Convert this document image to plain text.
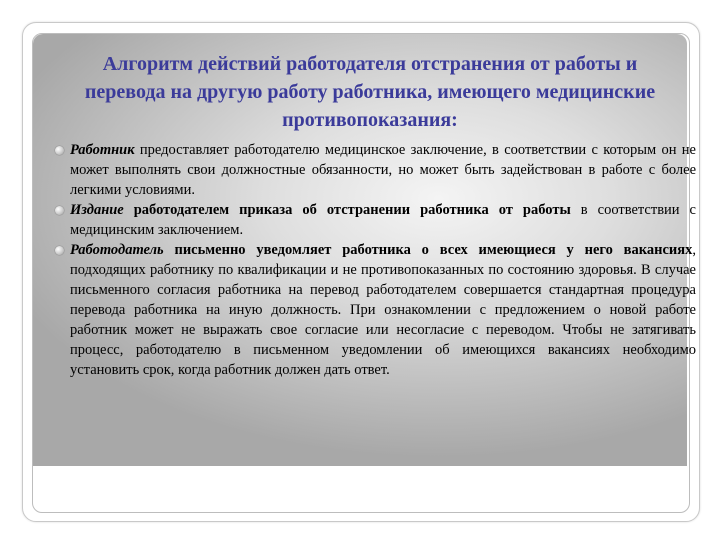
Алгоритм действий работодателя отстранения от работы и перевода на другую работу работника, имеющего медицинские противопоказания:
Работник предоставляет работодателю медицинское заключение, в соответствии с которым он не может выполнять свои должностные обязанности, но может быть задействован в работе с более легкими условиями.
Издание работодателем приказа об отстранении работника от работы в соответствии с медицинским заключением.
Работодатель письменно уведомляет работника о всех имеющиеся у него вакансиях, подходящих работнику по квалификации и не противопоказанных по состоянию здоровья. В случае письменного согласия работника на перевод работодателем совершается стандартная процедура перевода работника на иную должность. При ознакомлении с предложением о новой работе работник может не выражать свое согласие или несогласие с переводом. Чтобы не затягивать процесс, работодателю в письменном уведомлении об имеющихся вакансиях необходимо установить срок, когда работник должен дать ответ.
